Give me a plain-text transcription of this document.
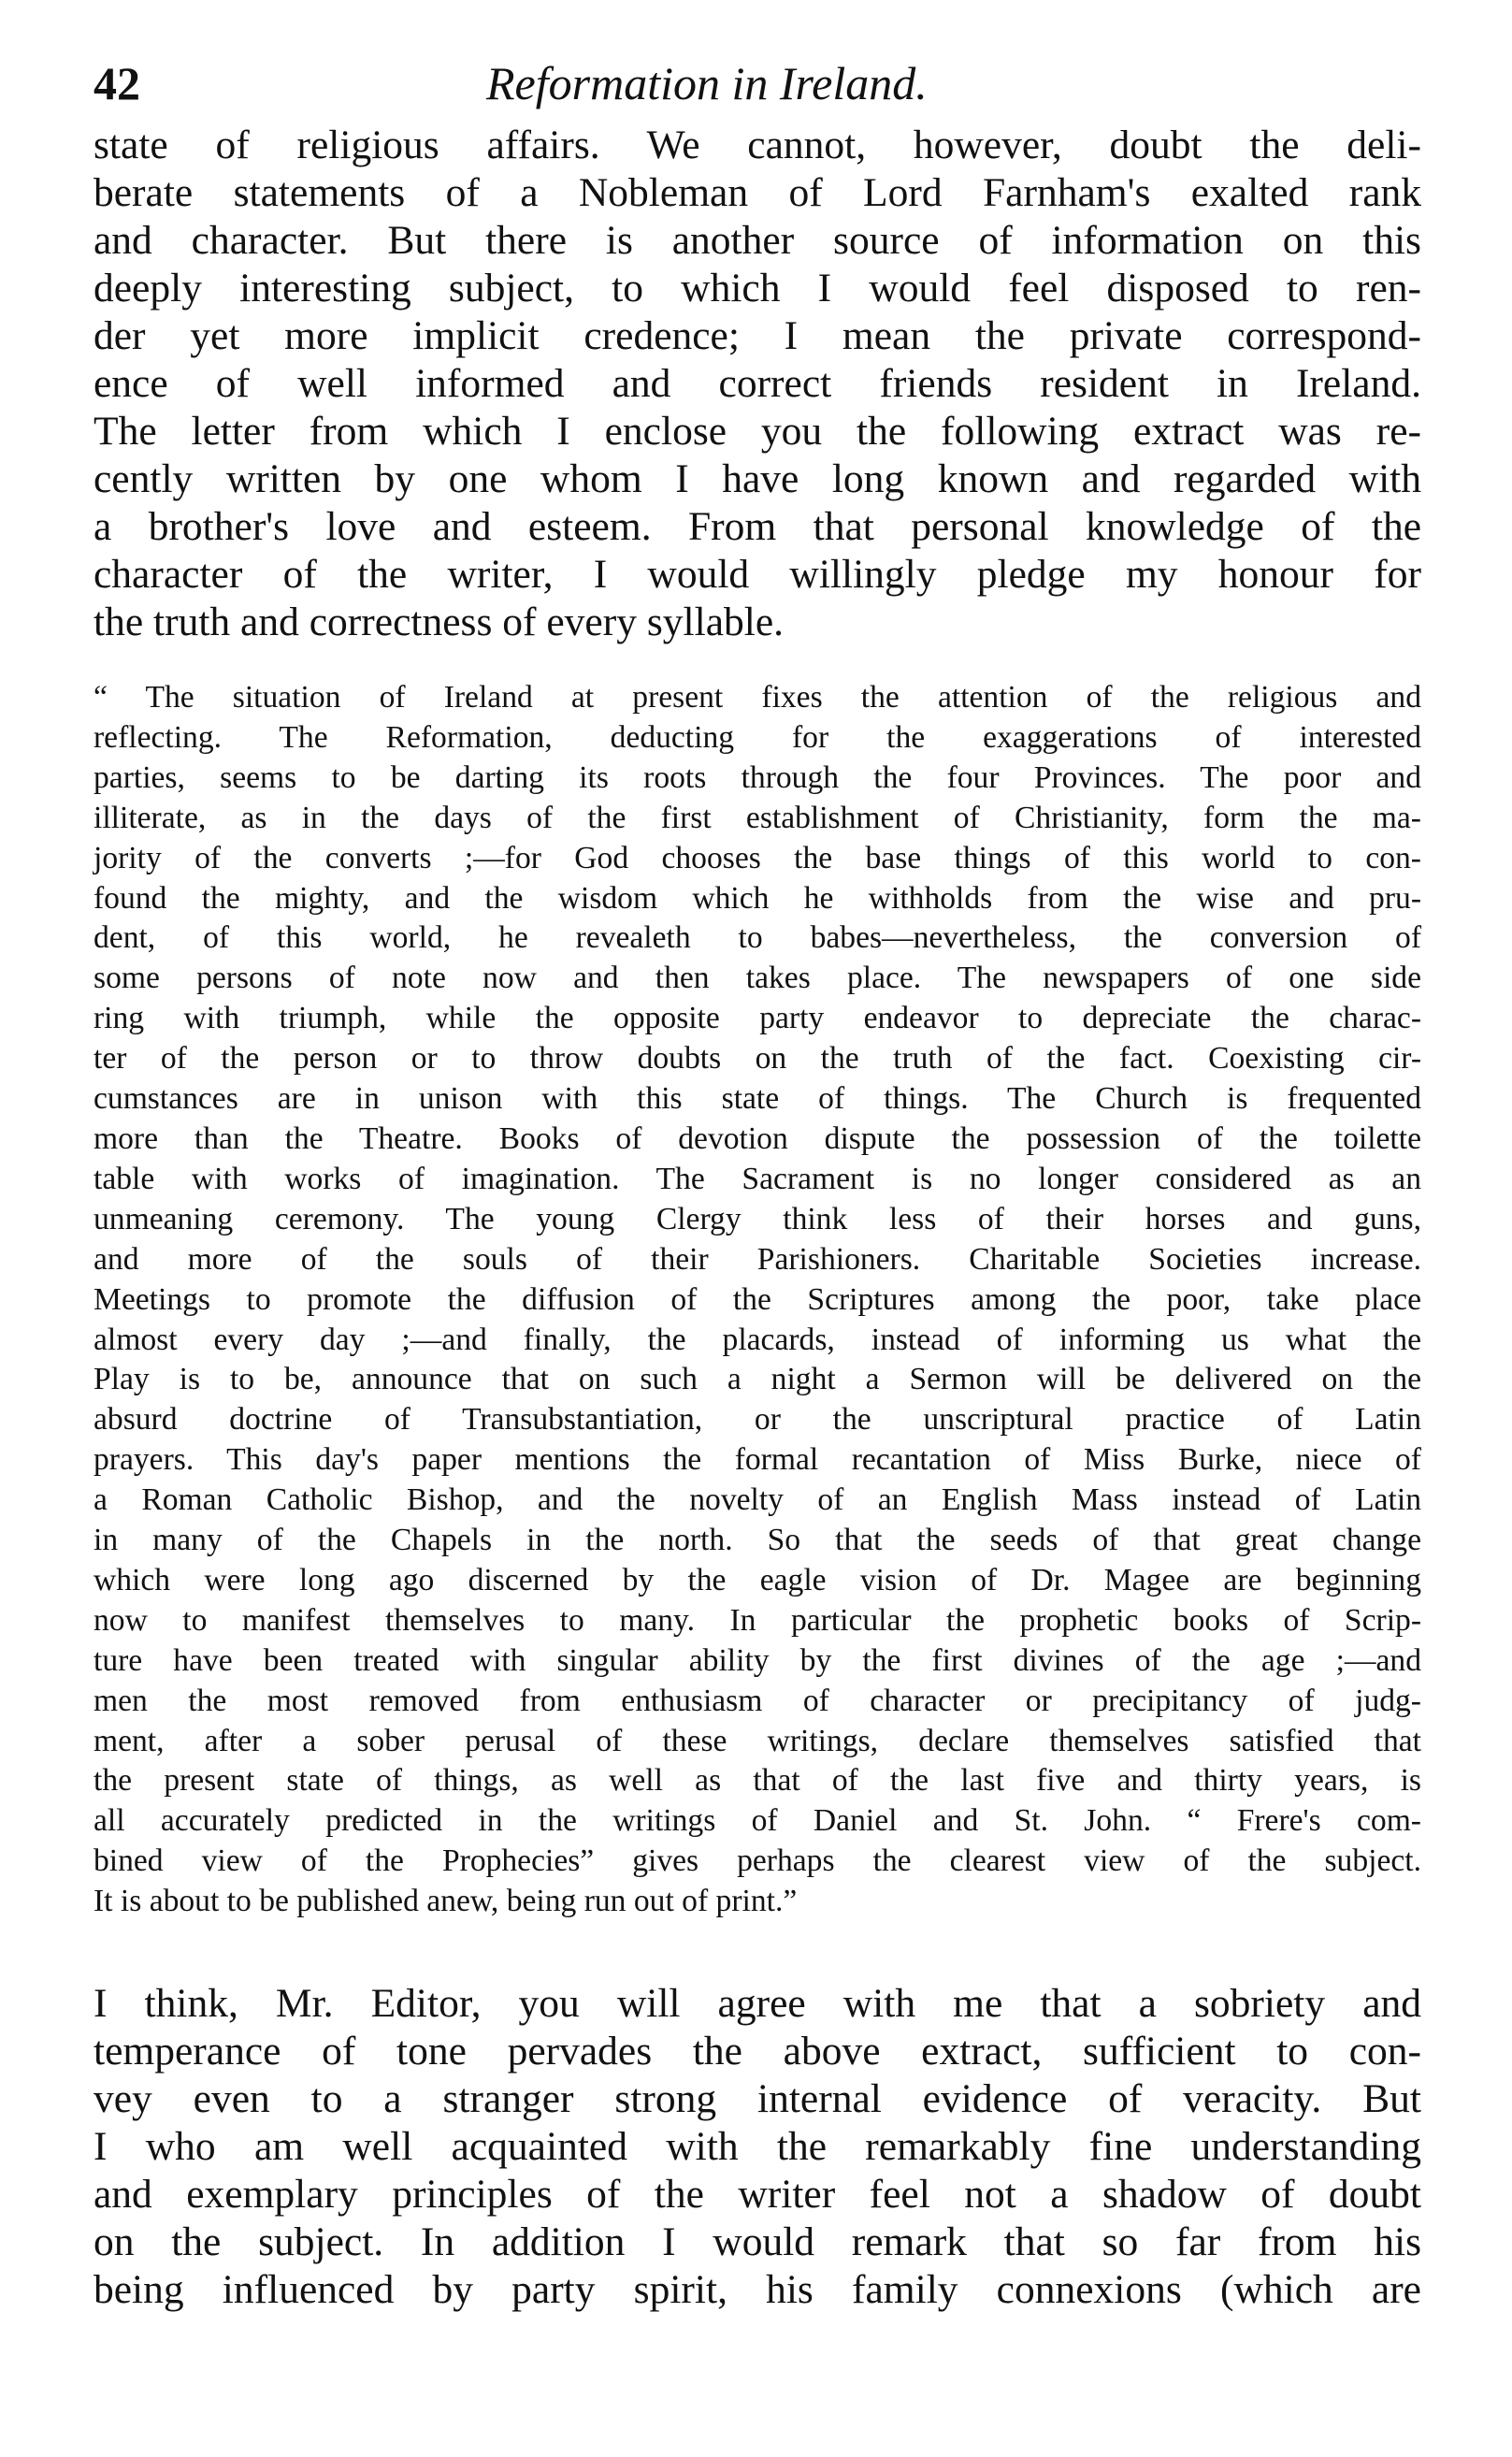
42	Reformation in Ireland.
state of religious affairs. We cannot, however, doubt the deli-
berate statements of a Nobleman of Lord Farnham's exalted rank
and character. But there is another source of information on this
deeply interesting subject, to which I would feel disposed to ren-
der yet more implicit credence; I mean the private correspond-
ence of well informed and correct friends resident in Ireland.
The letter from which I enclose you the following extract was re-
cently written by one whom I have long known and regarded with
a brother's love and esteem. From that personal knowledge of the
character of the writer, I would willingly pledge my honour for
the truth and correctness of every syllable.
“ The situation of Ireland at present fixes the attention of the religious and
reflecting. The Reformation, deducting for the exaggerations of interested
parties, seems to be darting its roots through the four Provinces. The poor and
illiterate, as in the days of the first establishment of Christianity, form the ma-
jority of the converts ;—for God chooses the base things of this world to con-
found the mighty, and the wisdom which he withholds from the wise and pru-
dent, of this world, he revealeth to babes—nevertheless, the conversion of
some persons of note now and then takes place. The newspapers of one side
ring with triumph, while the opposite party endeavor to depreciate the charac-
ter of the person or to throw doubts on the truth of the fact. Coexisting cir-
cumstances are in unison with this state of things. The Church is frequented
more than the Theatre. Books of devotion dispute the possession of the toilette
table with works of imagination. The Sacrament is no longer considered as an
unmeaning ceremony. The young Clergy think less of their horses and guns,
and more of the souls of their Parishioners. Charitable Societies increase.
Meetings to promote the diffusion of the Scriptures among the poor, take place
almost every day ;—and finally, the placards, instead of informing us what the
Play is to be, announce that on such a night a Sermon will be delivered on the
absurd doctrine of Transubstantiation, or the unscriptural practice of Latin
prayers. This day's paper mentions the formal recantation of Miss Burke, niece of
a Roman Catholic Bishop, and the novelty of an English Mass instead of Latin
in many of the Chapels in the north. So that the seeds of that great change
which were long ago discerned by the eagle vision of Dr. Magee are beginning
now to manifest themselves to many. In particular the prophetic books of Scrip-
ture have been treated with singular ability by the first divines of the age ;—and
men the most removed from enthusiasm of character or precipitancy of judg-
ment, after a sober perusal of these writings, declare themselves satisfied that
the present state of things, as well as that of the last five and thirty years, is
all accurately predicted in the writings of Daniel and St. John. “ Frere's com-
bined view of the Prophecies” gives perhaps the clearest view of the subject.
It is about to be published anew, being run out of print.”
I think, Mr. Editor, you will agree with me that a sobriety and
temperance of tone pervades the above extract, sufficient to con-
vey even to a stranger strong internal evidence of veracity. But
I who am well acquainted with the remarkably fine understanding
and exemplary principles of the writer feel not a shadow of doubt
on the subject. In addition I would remark that so far from his
being influenced by party spirit, his family connexions (which are
